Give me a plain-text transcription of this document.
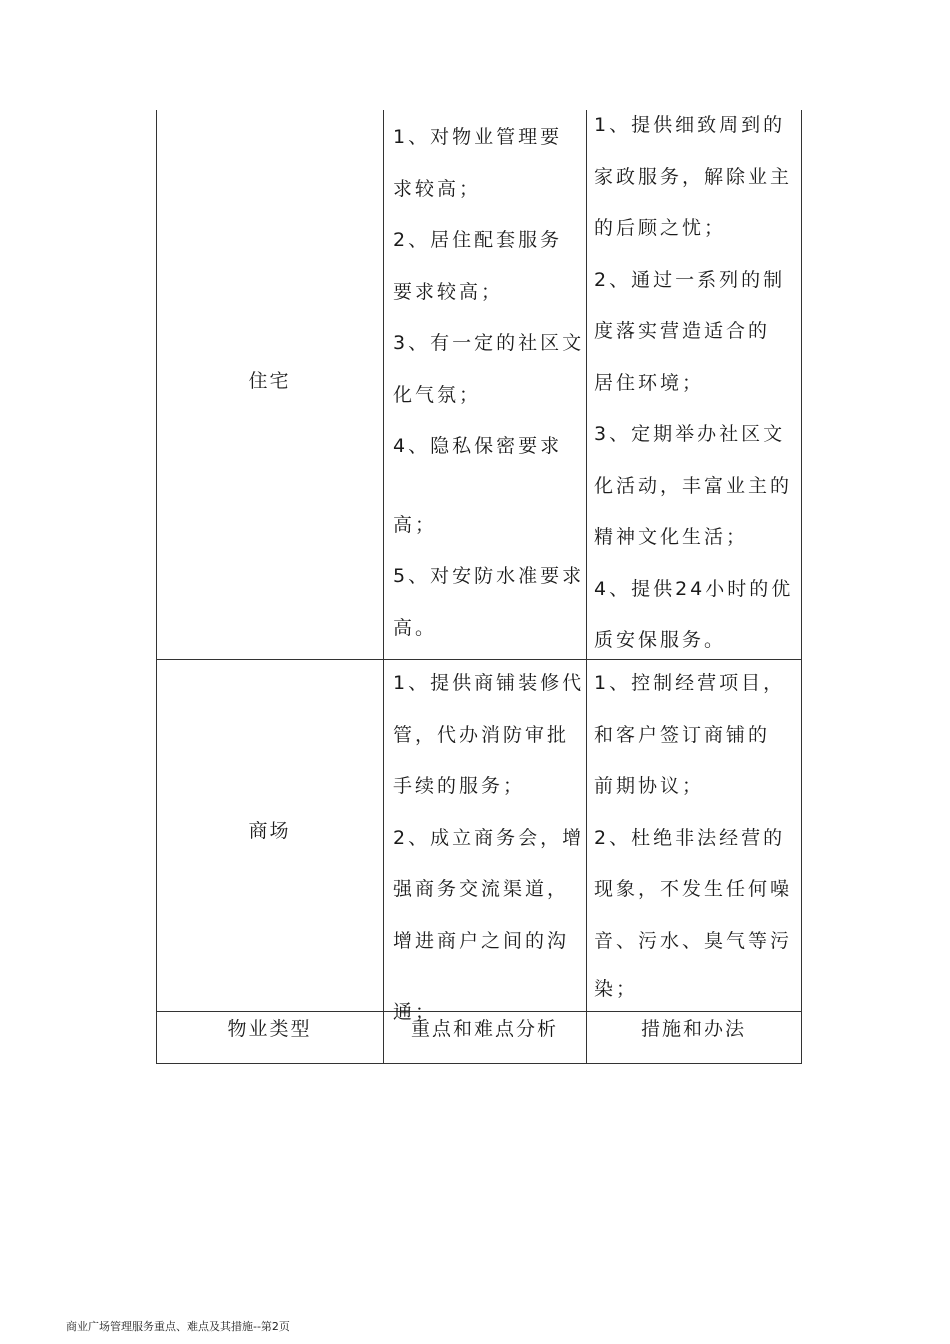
住宅
1、对物业管理要
求较高；
2、居住配套服务
要求较高；
3、有一定的社区文
化气氛；
4、隐私保密要求
高；
5、对安防水准要求
高。
1、提供细致周到的
家政服务，解除业主
的后顾之忧；
2、通过一系列的制
度落实营造适合的
居住环境；
3、定期举办社区文
化活动，丰富业主的
精神文化生活；
4、提供24小时的优
质安保服务。
商场
1、提供商铺装修代
管，代办消防审批
手续的服务；
2、成立商务会，增
强商务交流渠道，
增进商户之间的沟
通；
1、控制经营项目，
和客户签订商铺的
前期协议；
2、杜绝非法经营的
现象，不发生任何噪
音、污水、臭气等污
染；
物业类型	重点和难点分析	措施和办法
商业广场管理服务重点、难点及其措施--第2页
